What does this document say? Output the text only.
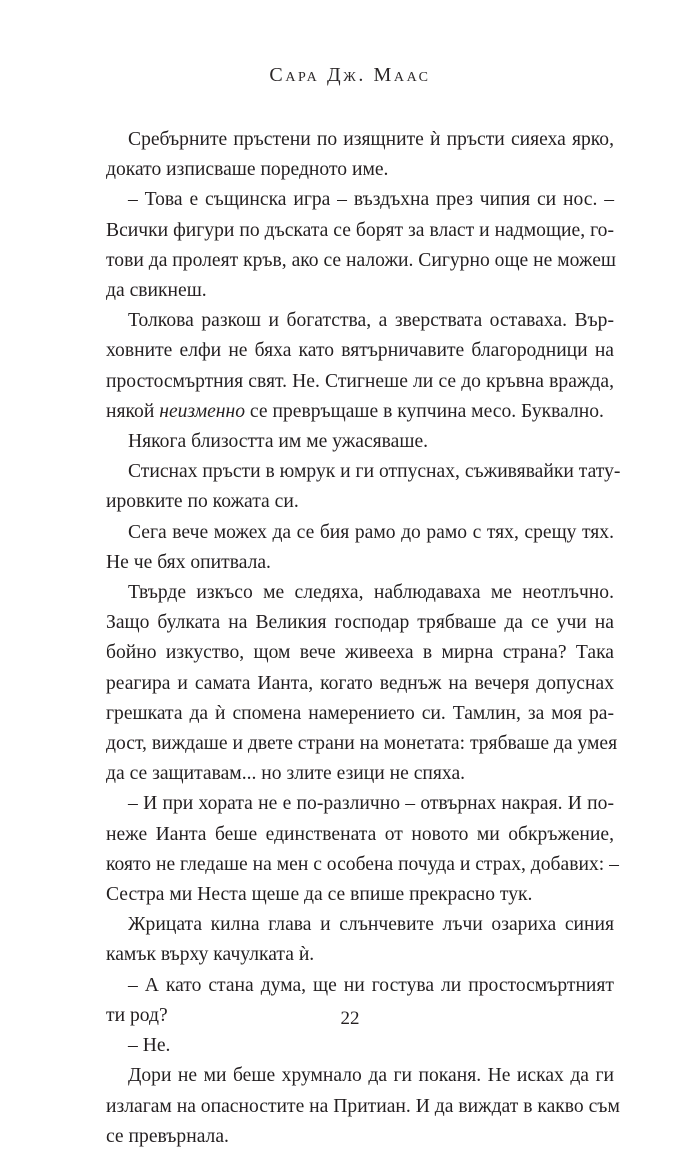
Сара Дж. Маас
Сребърните пръстени по изящните ѝ пръсти сияеха ярко,
докато изписваше поредното име.
– Това е същинска игра – въздъхна през чипия си нос. –
Всички фигури по дъската се борят за власт и надмощие, го-
тови да пролеят кръв, ако се наложи. Сигурно още не можеш
да свикнеш.
Толкова разкош и богатства, а зверствата оставаха. Вър-
ховните елфи не бяха като вятърничавите благородници на
простосмъртния свят. Не. Стигнеше ли се до кръвна вражда,
някой неизменно се превръщаше в купчина месо. Буквално.
Някога близостта им ме ужасяваше.
Стиснах пръсти в юмрук и ги отпуснах, съживявайки тату-
ировките по кожата си.
Сега вече можех да се бия рамо до рамо с тях, срещу тях.
Не че бях опитвала.
Твърде изкъсо ме следяха, наблюдаваха ме неотлъчно.
Защо булката на Великия господар трябваше да се учи на
бойно изкуство, щом вече живееха в мирна страна? Така
реагира и самата Ианта, когато веднъж на вечеря допуснах
грешката да ѝ спомена намерението си. Тамлин, за моя ра-
дост, виждаше и двете страни на монетата: трябваше да умея
да се защитавам... но злите езици не спяха.
– И при хората не е по-различно – отвърнах накрая. И по-
неже Ианта беше единствената от новото ми обкръжение,
която не гледаше на мен с особена почуда и страх, добавих: –
Сестра ми Неста щеше да се впише прекрасно тук.
Жрицата килна глава и слънчевите лъчи озариха синия
камък върху качулката ѝ.
– А като стана дума, ще ни гостува ли простосмъртният
ти род?
– Не.
Дори не ми беше хрумнало да ги поканя. Не исках да ги
излагам на опасностите на Притиан. И да виждат в какво съм
се превърнала.
22
